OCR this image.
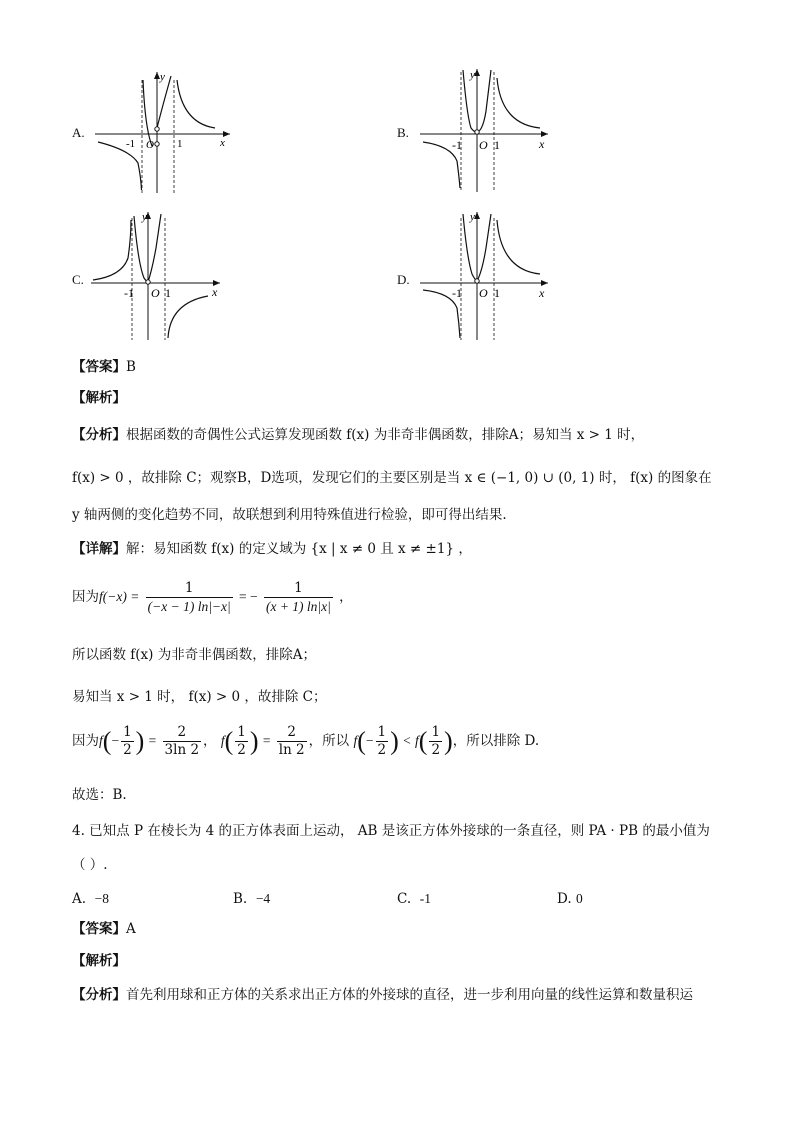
A.
y
x
-1 O 1
B.
y
x
-1 O 1
C.
y
x
-1 O 1
D.
y
x
-1 O 1
【答案】B
【解析】
【分析】根据函数的奇偶性公式运算发现函数 f(x) 为非奇非偶函数，排除A；易知当 x > 1 时，
f(x) > 0 ，故排除 C；观察B，D选项，发现它们的主要区别是当 x ∈ (−1, 0) ∪ (0, 1) 时， f(x) 的图象在
y 轴两侧的变化趋势不同，故联想到利用特殊值进行检验，即可得出结果.
【详解】解：易知函数 f(x) 的定义域为 {x | x ≠ 0 且 x ≠ ±1} ，
因为$f(-x) = \frac{1}{(-x - 1) \ln|-x|}$ = − $\frac{1}{(x + 1) \ln|x|}$ ，
所以函数 f(x) 为非奇非偶函数，排除A；
易知当 x > 1 时， f(x) > 0 ，故排除 C；
因为$f(- \frac{1}{2}$ ) = $\frac{2}{3\ln 2}$ ， $f( \frac{1}{2}$ ) = $\frac{2}{\ln 2}$ ，所以 $f(- \frac{1}{2}$ ) < $f( \frac{1}{2}$ )，所以排除 D.
故选：B.
4. 已知点 P 在棱长为 4 的正方体表面上运动， AB 是该正方体外接球的一条直径，则 PA · PB 的最小值为
（ ）.
A. −8	B. −4	C. -1	D. 0
【答案】A
【解析】
【分析】首先利用球和正方体的关系求出正方体的外接球的直径，进一步利用向量的线性运算和数量积运
